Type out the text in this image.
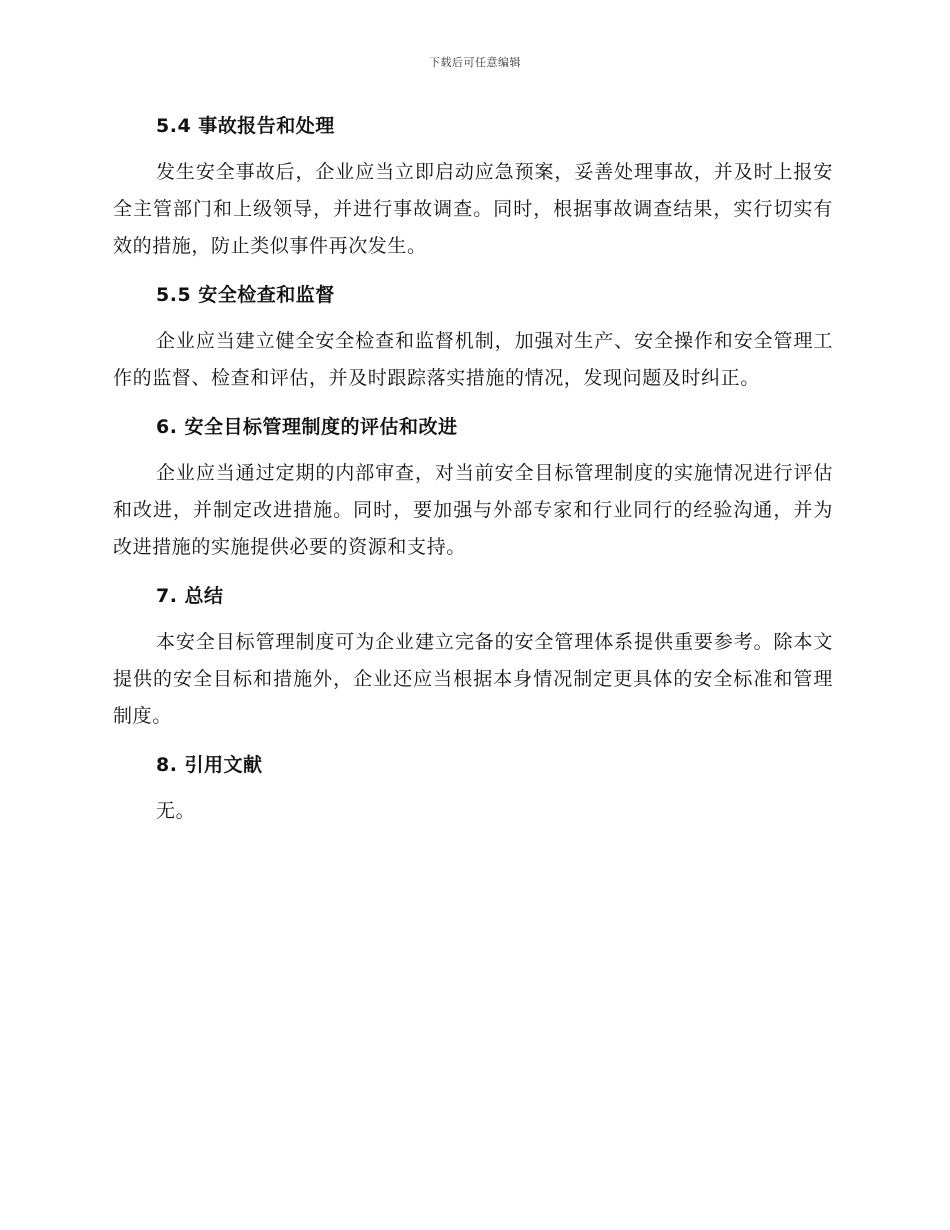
下载后可任意编辑
5.4 事故报告和处理

发生安全事故后，企业应当立即启动应急预案，妥善处理事故，并及时上报安全主管部门和上级领导，并进行事故调查。同时，根据事故调查结果，实行切实有效的措施，防止类似事件再次发生。

5.5 安全检查和监督

企业应当建立健全安全检查和监督机制，加强对生产、安全操作和安全管理工作的监督、检查和评估，并及时跟踪落实措施的情况，发现问题及时纠正。

6. 安全目标管理制度的评估和改进

企业应当通过定期的内部审查，对当前安全目标管理制度的实施情况进行评估和改进，并制定改进措施。同时，要加强与外部专家和行业同行的经验沟通，并为改进措施的实施提供必要的资源和支持。

7. 总结

本安全目标管理制度可为企业建立完备的安全管理体系提供重要参考。除本文提供的安全目标和措施外，企业还应当根据本身情况制定更具体的安全标准和管理制度。

8. 引用文献

无。
